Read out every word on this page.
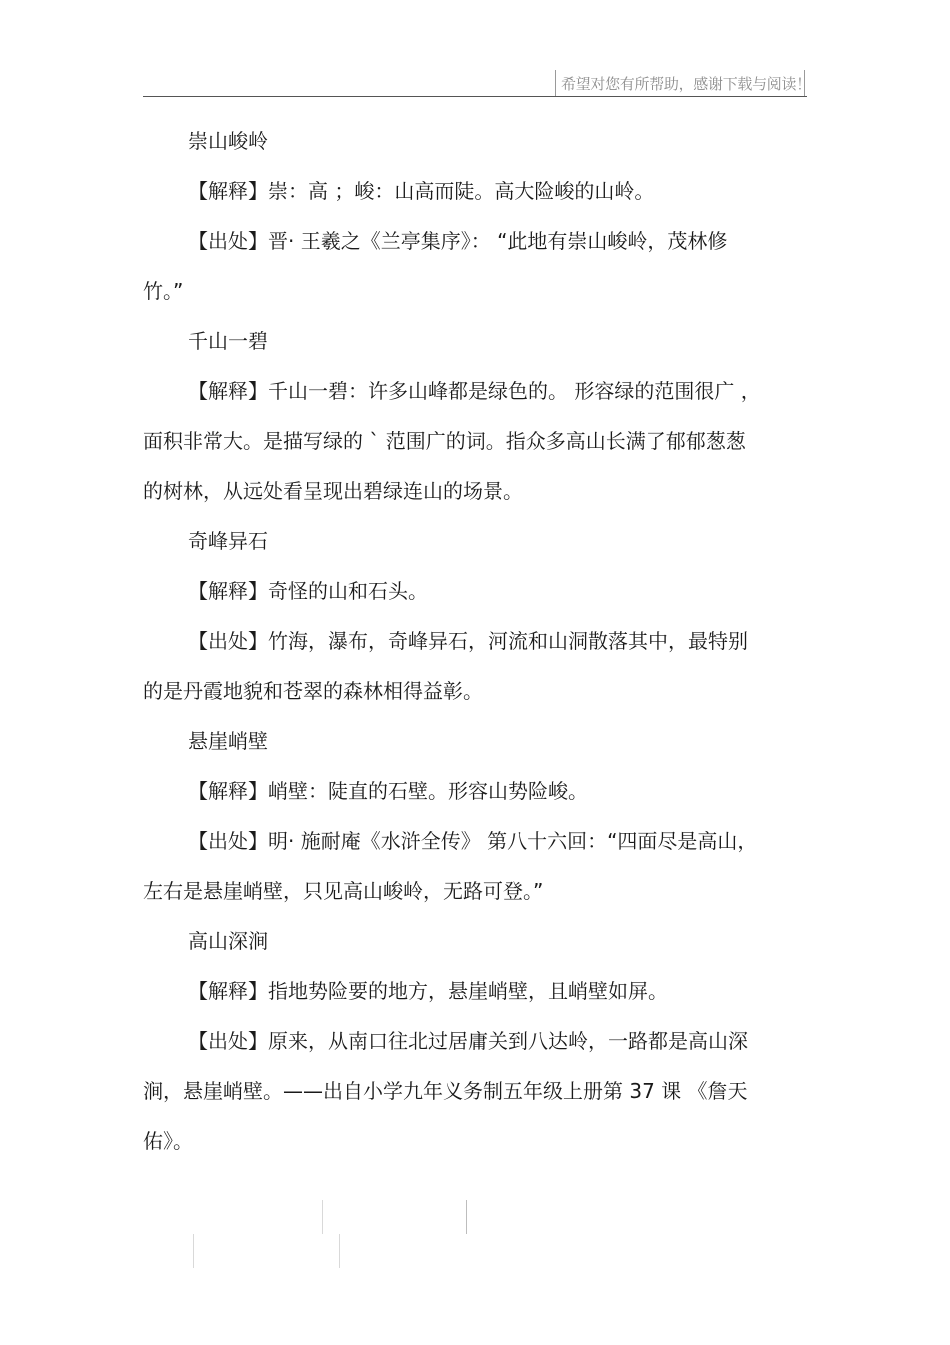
希望对您有所帮助，感谢下载与阅读！
崇山峻岭
【解释】崇：高 ；峻：山高而陡。高大险峻的山岭。
【出处】晋· 王羲之《兰亭集序》： “此地有崇山峻岭，茂林修
竹。”
千山一碧
【解释】千山一碧：许多山峰都是绿色的。 形容绿的范围很广 ，
面积非常大。是描写绿的 ` 范围广的词。指众多高山长满了郁郁葱葱
的树林，从远处看呈现出碧绿连山的场景。
奇峰异石
【解释】奇怪的山和石头。
【出处】竹海，瀑布，奇峰异石，河流和山洞散落其中，最特别
的是丹霞地貌和苍翠的森林相得益彰。
悬崖峭壁
【解释】峭壁：陡直的石壁。形容山势险峻。
【出处】明· 施耐庵《水浒全传》 第八十六回：“四面尽是高山，
左右是悬崖峭壁，只见高山峻岭，无路可登。”
高山深涧
【解释】指地势险要的地方，悬崖峭壁，且峭壁如屏。
【出处】原来，从南口往北过居庸关到八达岭，一路都是高山深
涧，悬崖峭壁。——出自小学九年义务制五年级上册第 37 课 《詹天
佑》。
